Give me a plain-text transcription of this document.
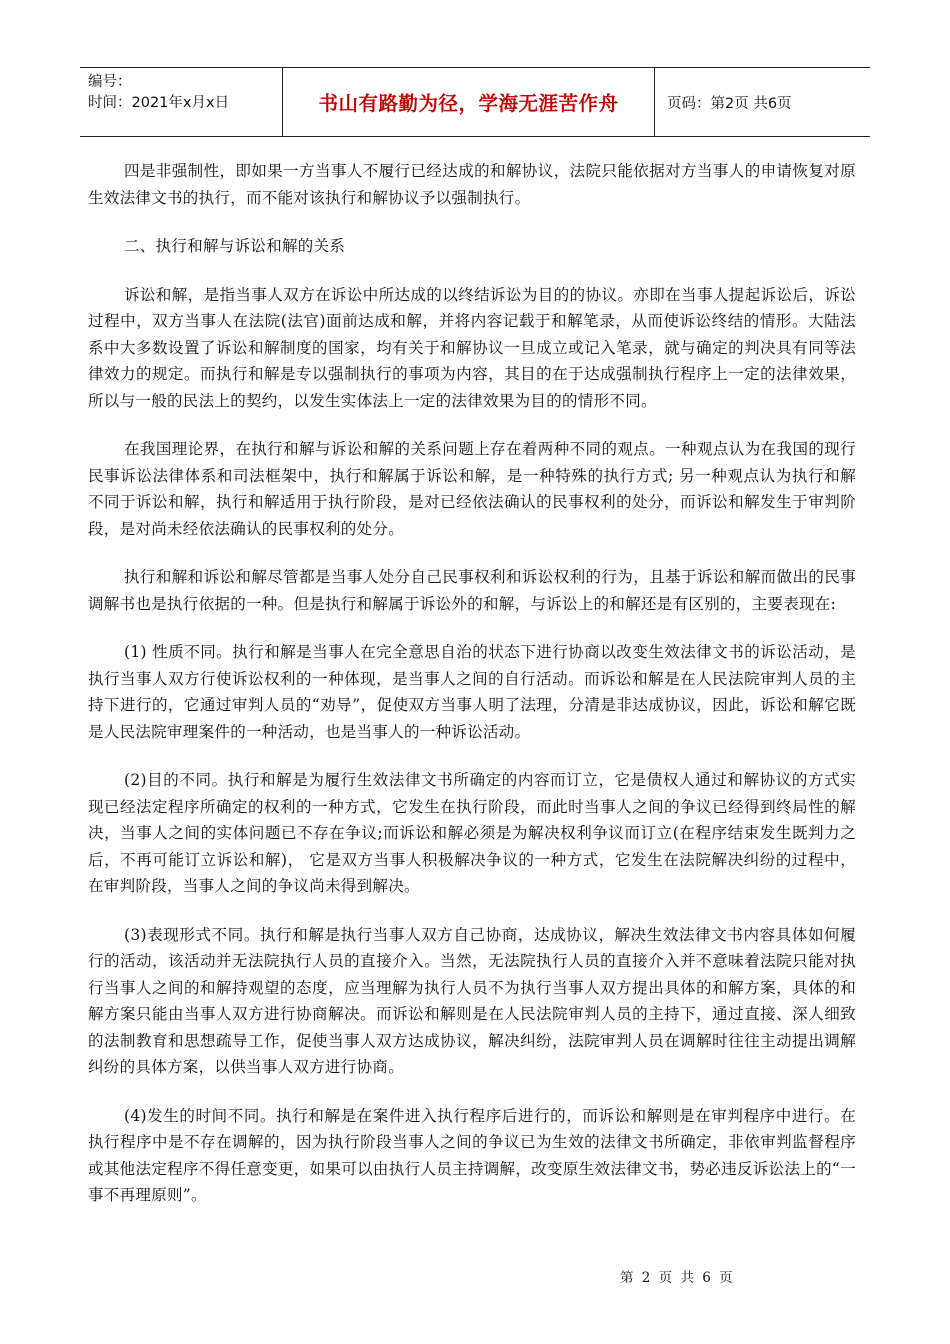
编号：
时间：2021年x月x日	书山有路勤为径，学海无涯苦作舟	页码：第2页 共6页

四是非强制性，即如果一方当事人不履行已经达成的和解协议，法院只能依据对方当事人的申请恢复对原生效法律文书的执行，而不能对该执行和解协议予以强制执行。

二、执行和解与诉讼和解的关系

诉讼和解，是指当事人双方在诉讼中所达成的以终结诉讼为目的的协议。亦即在当事人提起诉讼后，诉讼过程中，双方当事人在法院(法官)面前达成和解，并将内容记载于和解笔录，从而使诉讼终结的情形。大陆法系中大多数设置了诉讼和解制度的国家，均有关于和解协议一旦成立或记入笔录，就与确定的判决具有同等法律效力的规定。而执行和解是专以强制执行的事项为内容，其目的在于达成强制执行程序上一定的法律效果，所以与一般的民法上的契约，以发生实体法上一定的法律效果为目的的情形不同。

在我国理论界，在执行和解与诉讼和解的关系问题上存在着两种不同的观点。一种观点认为在我国的现行民事诉讼法律体系和司法框架中，执行和解属于诉讼和解，是一种特殊的执行方式; 另一种观点认为执行和解不同于诉讼和解，执行和解适用于执行阶段，是对已经依法确认的民事权利的处分，而诉讼和解发生于审判阶段，是对尚未经依法确认的民事权利的处分。

执行和解和诉讼和解尽管都是当事人处分自己民事权利和诉讼权利的行为，且基于诉讼和解而做出的民事调解书也是执行依据的一种。但是执行和解属于诉讼外的和解，与诉讼上的和解还是有区别的，主要表现在:

(1) 性质不同。执行和解是当事人在完全意思自治的状态下进行协商以改变生效法律文书的诉讼活动，是执行当事人双方行使诉讼权利的一种体现，是当事人之间的自行活动。而诉讼和解是在人民法院审判人员的主持下进行的，它通过审判人员的“劝导”，促使双方当事人明了法理，分清是非达成协议，因此，诉讼和解它既是人民法院审理案件的一种活动，也是当事人的一种诉讼活动。

(2)目的不同。执行和解是为履行生效法律文书所确定的内容而订立，它是债权人通过和解协议的方式实现已经法定程序所确定的权利的一种方式，它发生在执行阶段，而此时当事人之间的争议已经得到终局性的解决，当事人之间的实体问题已不存在争议;而诉讼和解必须是为解决权利争议而订立(在程序结束发生既判力之后，不再可能订立诉讼和解)， 它是双方当事人积极解决争议的一种方式，它发生在法院解决纠纷的过程中，在审判阶段，当事人之间的争议尚未得到解决。

(3)表现形式不同。执行和解是执行当事人双方自己协商，达成协议，解决生效法律文书内容具体如何履行的活动，该活动并无法院执行人员的直接介入。当然，无法院执行人员的直接介入并不意味着法院只能对执行当事人之间的和解持观望的态度，应当理解为执行人员不为执行当事人双方提出具体的和解方案，具体的和解方案只能由当事人双方进行协商解决。而诉讼和解则是在人民法院审判人员的主持下，通过直接、深人细致的法制教育和思想疏导工作，促使当事人双方达成协议，解决纠纷，法院审判人员在调解时往往主动提出调解纠纷的具体方案，以供当事人双方进行协商。

(4)发生的时间不同。执行和解是在案件进入执行程序后进行的，而诉讼和解则是在审判程序中进行。在执行程序中是不存在调解的，因为执行阶段当事人之间的争议已为生效的法律文书所确定，非依审判监督程序或其他法定程序不得任意变更，如果可以由执行人员主持调解，改变原生效法律文书，势必违反诉讼法上的“一事不再理原则”。

第 2 页 共 6 页
